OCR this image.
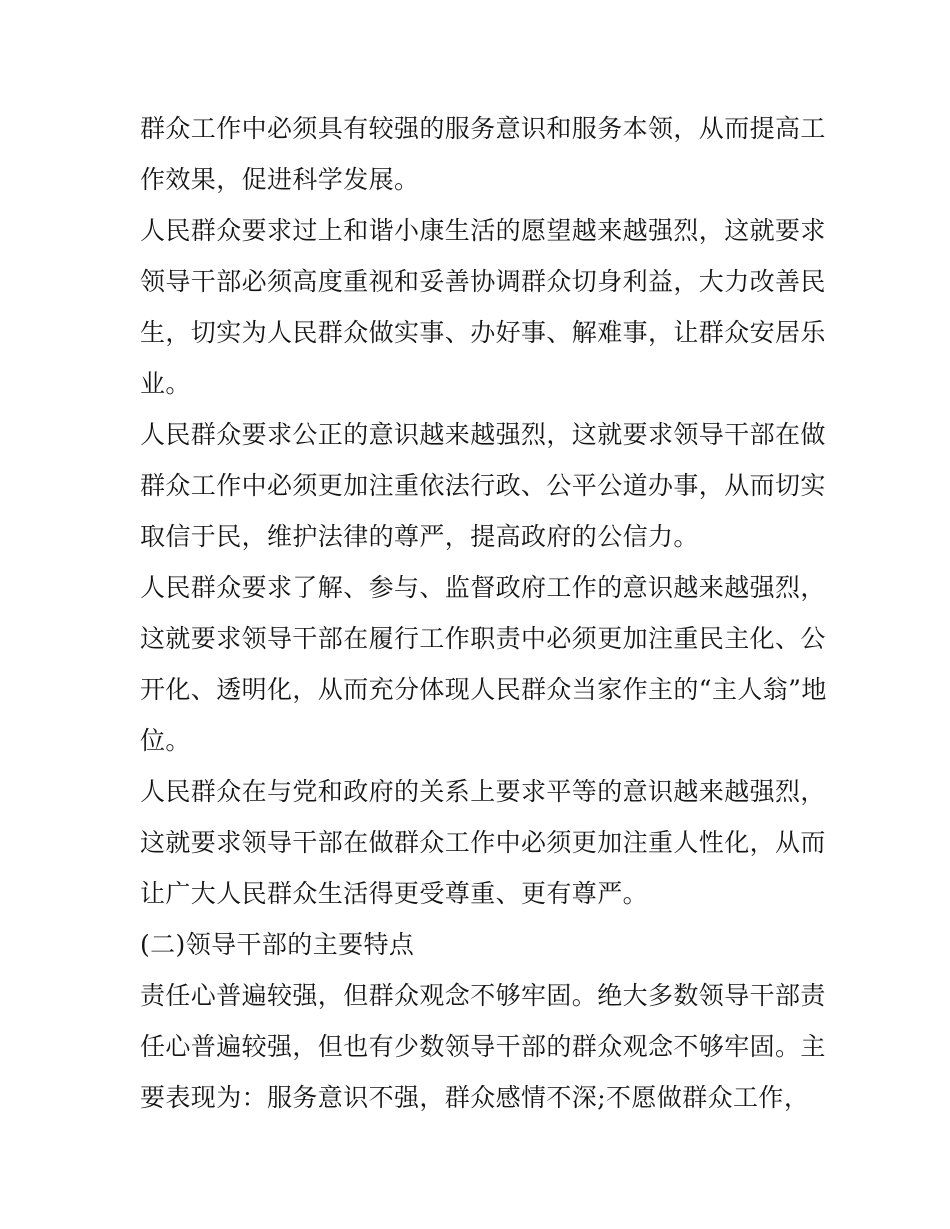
群众工作中必须具有较强的服务意识和服务本领，从而提高工
作效果，促进科学发展。
人民群众要求过上和谐小康生活的愿望越来越强烈，这就要求
领导干部必须高度重视和妥善协调群众切身利益，大力改善民
生，切实为人民群众做实事、办好事、解难事，让群众安居乐
业。
人民群众要求公正的意识越来越强烈，这就要求领导干部在做
群众工作中必须更加注重依法行政、公平公道办事，从而切实
取信于民，维护法律的尊严，提高政府的公信力。
人民群众要求了解、参与、监督政府工作的意识越来越强烈，
这就要求领导干部在履行工作职责中必须更加注重民主化、公
开化、透明化，从而充分体现人民群众当家作主的“主人翁”地
位。
人民群众在与党和政府的关系上要求平等的意识越来越强烈，
这就要求领导干部在做群众工作中必须更加注重人性化，从而
让广大人民群众生活得更受尊重、更有尊严。
(二)领导干部的主要特点
责任心普遍较强，但群众观念不够牢固。绝大多数领导干部责
任心普遍较强，但也有少数领导干部的群众观念不够牢固。主
要表现为：服务意识不强，群众感情不深;不愿做群众工作，
